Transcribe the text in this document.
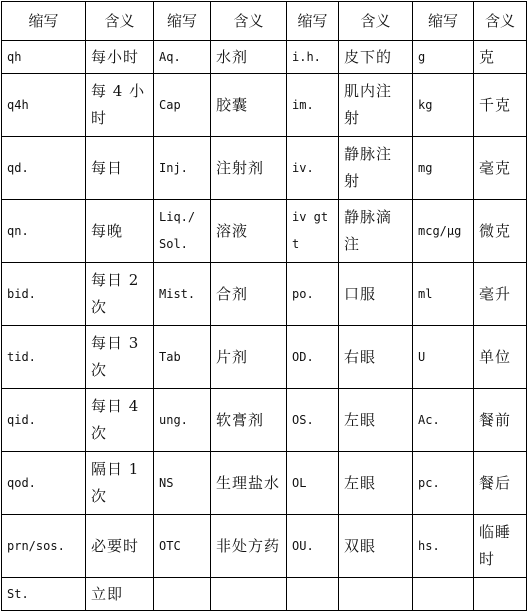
缩写	含义	缩写	含义	缩写	含义	缩写	含义
qh	每小时	Aq.	水剂	i.h.	皮下的	g	克
q4h	每 4 小时	Cap	胶囊	im.	肌内注射	kg	千克
qd.	每日	Inj.	注射剂	iv.	静脉注射	mg	毫克
qn.	每晚	Liq./ Sol.	溶液	iv gtt	静脉滴注	mcg/μg	微克
bid.	每日 2 次	Mist.	合剂	po.	口服	ml	毫升
tid.	每日 3 次	Tab	片剂	OD.	右眼	U	单位
qid.	每日 4 次	ung.	软膏剂	OS.	左眼	Ac.	餐前
qod.	隔日 1 次	NS	生理盐水	OL	左眼	pc.	餐后
prn/sos.	必要时	OTC	非处方药	OU.	双眼	hs.	临睡时
St.	立即						
